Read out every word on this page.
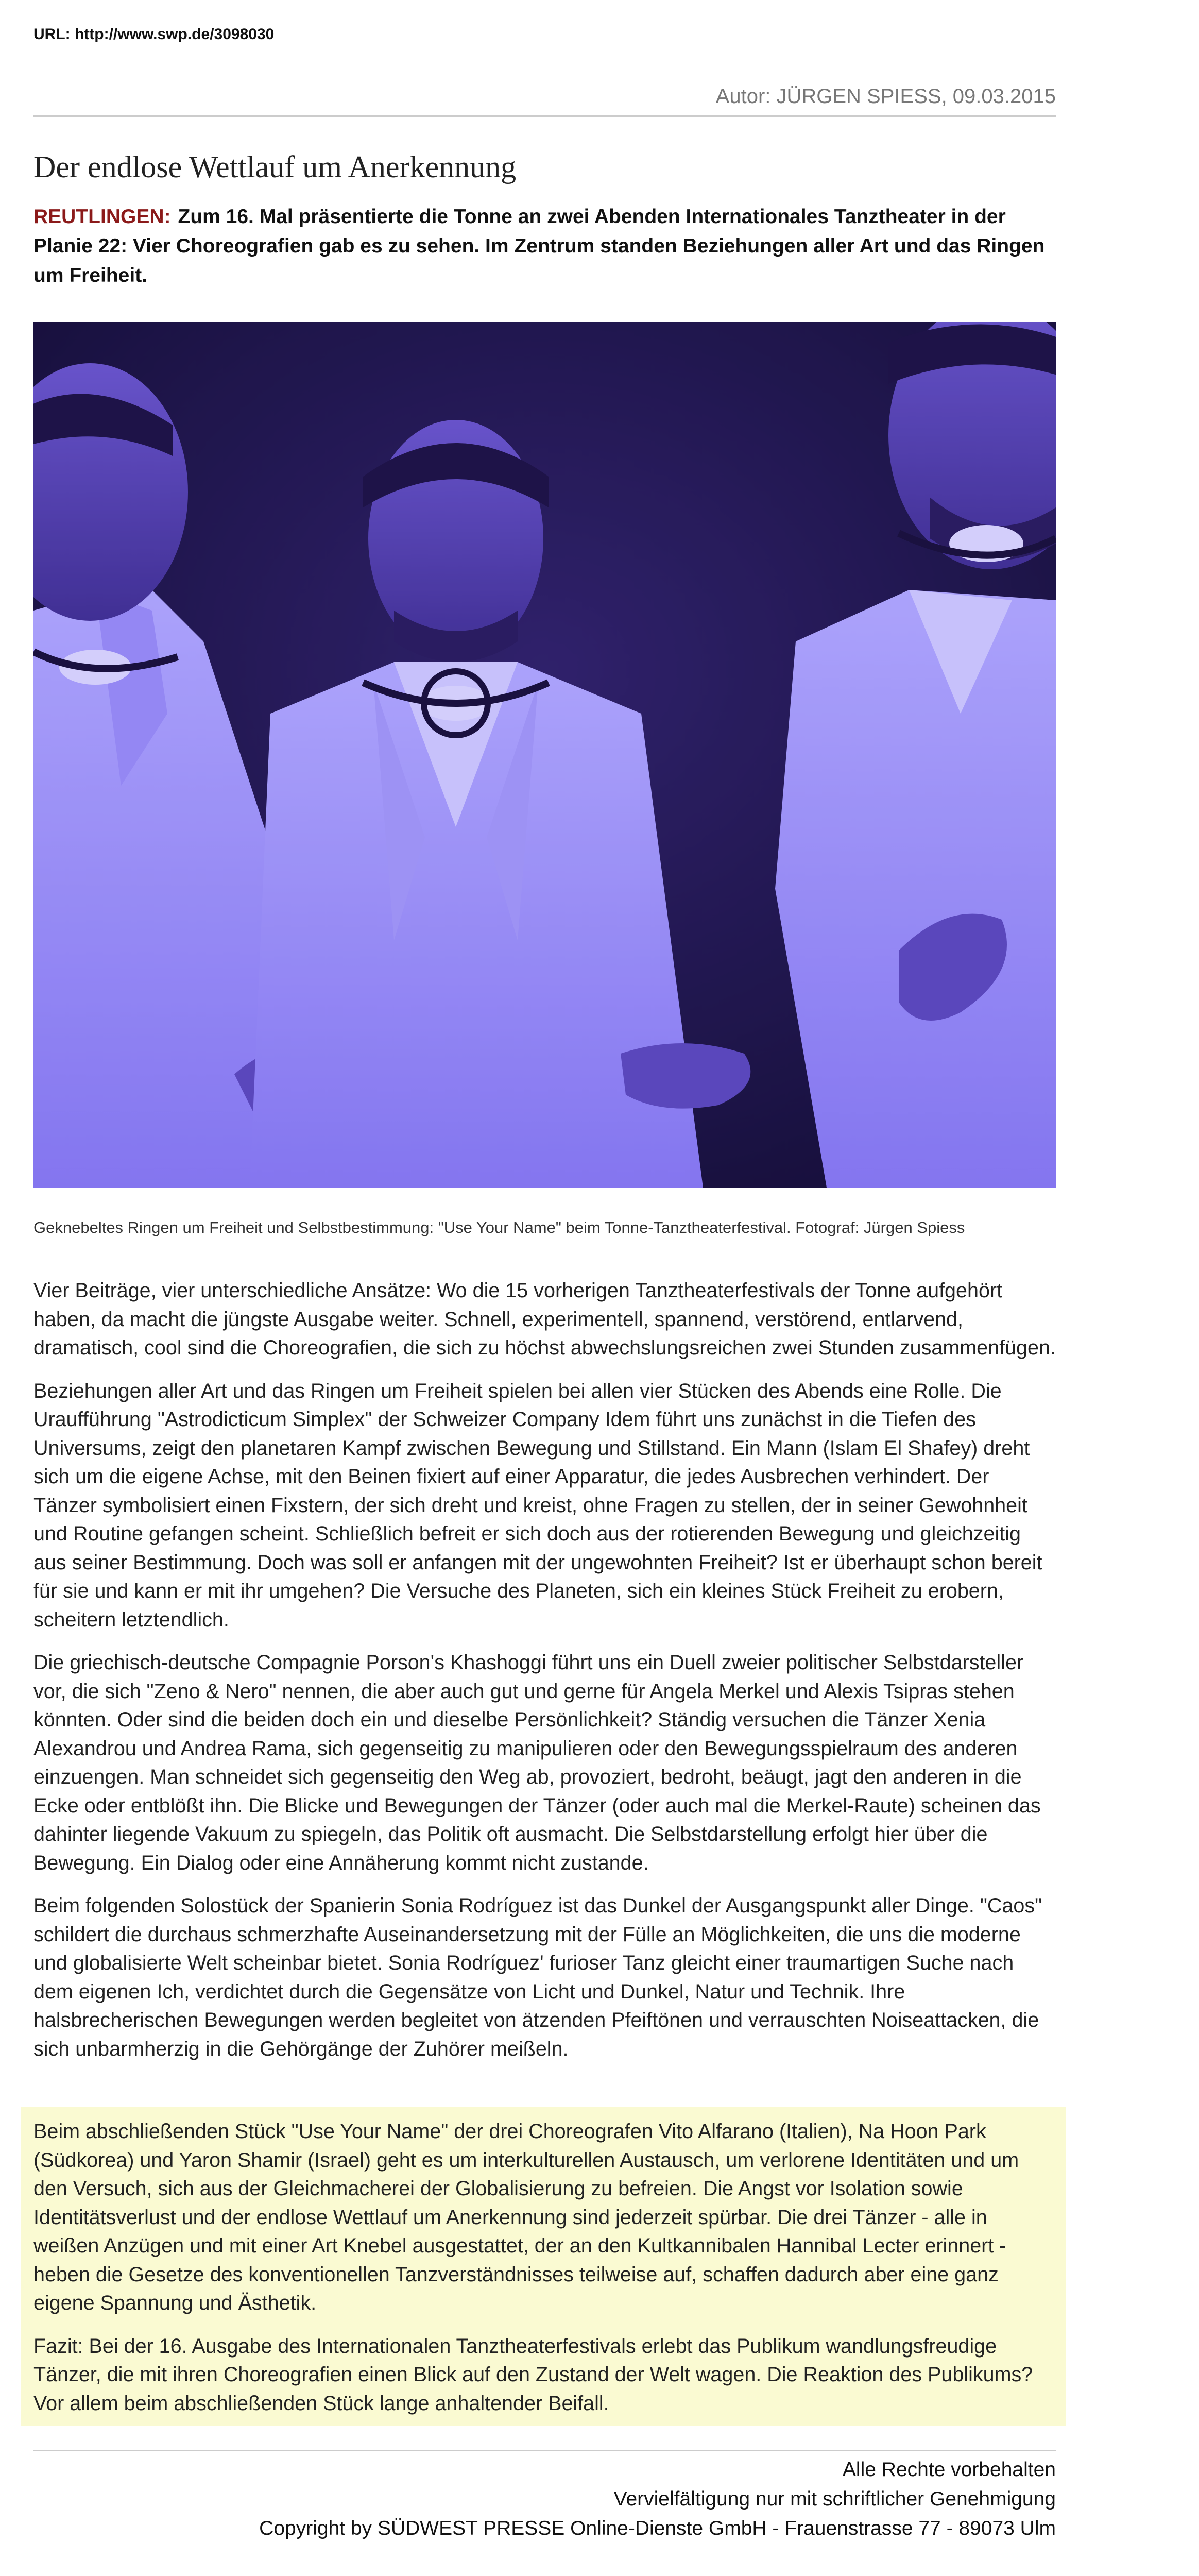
URL: http://www.swp.de/3098030
Autor: JÜRGEN SPIESS, 09.03.2015
Der endlose Wettlauf um Anerkennung
REUTLINGEN: Zum 16. Mal präsentierte die Tonne an zwei Abenden Internationales Tanztheater in der Planie 22: Vier Choreografien gab es zu sehen. Im Zentrum standen Beziehungen aller Art und das Ringen um Freiheit.
Geknebeltes Ringen um Freiheit und Selbstbestimmung: "Use Your Name" beim Tonne-Tanztheaterfestival. Fotograf: Jürgen Spiess

Vier Beiträge, vier unterschiedliche Ansätze: Wo die 15 vorherigen Tanztheaterfestivals der Tonne aufgehört haben, da macht die jüngste Ausgabe weiter. Schnell, experimentell, spannend, verstörend, entlarvend, dramatisch, cool sind die Choreografien, die sich zu höchst abwechslungsreichen zwei Stunden zusammenfügen.

Beziehungen aller Art und das Ringen um Freiheit spielen bei allen vier Stücken des Abends eine Rolle. Die Uraufführung "Astrodicticum Simplex" der Schweizer Company Idem führt uns zunächst in die Tiefen des Universums, zeigt den planetaren Kampf zwischen Bewegung und Stillstand. Ein Mann (Islam El Shafey) dreht sich um die eigene Achse, mit den Beinen fixiert auf einer Apparatur, die jedes Ausbrechen verhindert. Der Tänzer symbolisiert einen Fixstern, der sich dreht und kreist, ohne Fragen zu stellen, der in seiner Gewohnheit und Routine gefangen scheint. Schließlich befreit er sich doch aus der rotierenden Bewegung und gleichzeitig aus seiner Bestimmung. Doch was soll er anfangen mit der ungewohnten Freiheit? Ist er überhaupt schon bereit für sie und kann er mit ihr umgehen? Die Versuche des Planeten, sich ein kleines Stück Freiheit zu erobern, scheitern letztendlich.

Die griechisch-deutsche Compagnie Porson's Khashoggi führt uns ein Duell zweier politischer Selbstdarsteller vor, die sich "Zeno & Nero" nennen, die aber auch gut und gerne für Angela Merkel und Alexis Tsipras stehen könnten. Oder sind die beiden doch ein und dieselbe Persönlichkeit? Ständig versuchen die Tänzer Xenia Alexandrou und Andrea Rama, sich gegenseitig zu manipulieren oder den Bewegungsspielraum des anderen einzuengen. Man schneidet sich gegenseitig den Weg ab, provoziert, bedroht, beäugt, jagt den anderen in die Ecke oder entblößt ihn. Die Blicke und Bewegungen der Tänzer (oder auch mal die Merkel-Raute) scheinen das dahinter liegende Vakuum zu spiegeln, das Politik oft ausmacht. Die Selbstdarstellung erfolgt hier über die Bewegung. Ein Dialog oder eine Annäherung kommt nicht zustande.

Beim folgenden Solostück der Spanierin Sonia Rodríguez ist das Dunkel der Ausgangspunkt aller Dinge. "Caos" schildert die durchaus schmerzhafte Auseinandersetzung mit der Fülle an Möglichkeiten, die uns die moderne und globalisierte Welt scheinbar bietet. Sonia Rodríguez' furioser Tanz gleicht einer traumartigen Suche nach dem eigenen Ich, verdichtet durch die Gegensätze von Licht und Dunkel, Natur und Technik. Ihre halsbrecherischen Bewegungen werden begleitet von ätzenden Pfeiftönen und verrauschten Noiseattacken, die sich unbarmherzig in die Gehörgänge der Zuhörer meißeln.

Beim abschließenden Stück "Use Your Name" der drei Choreografen Vito Alfarano (Italien), Na Hoon Park (Südkorea) und Yaron Shamir (Israel) geht es um interkulturellen Austausch, um verlorene Identitäten und um den Versuch, sich aus der Gleichmacherei der Globalisierung zu befreien. Die Angst vor Isolation sowie Identitätsverlust und der endlose Wettlauf um Anerkennung sind jederzeit spürbar. Die drei Tänzer - alle in weißen Anzügen und mit einer Art Knebel ausgestattet, der an den Kultkannibalen Hannibal Lecter erinnert - heben die Gesetze des konventionellen Tanzverständnisses teilweise auf, schaffen dadurch aber eine ganz eigene Spannung und Ästhetik.

Fazit: Bei der 16. Ausgabe des Internationalen Tanztheaterfestivals erlebt das Publikum wandlungsfreudige Tänzer, die mit ihren Choreografien einen Blick auf den Zustand der Welt wagen. Die Reaktion des Publikums? Vor allem beim abschließenden Stück lange anhaltender Beifall.

Alle Rechte vorbehalten
Vervielfältigung nur mit schriftlicher Genehmigung
Copyright by SÜDWEST PRESSE Online-Dienste GmbH - Frauenstrasse 77 - 89073 Ulm
